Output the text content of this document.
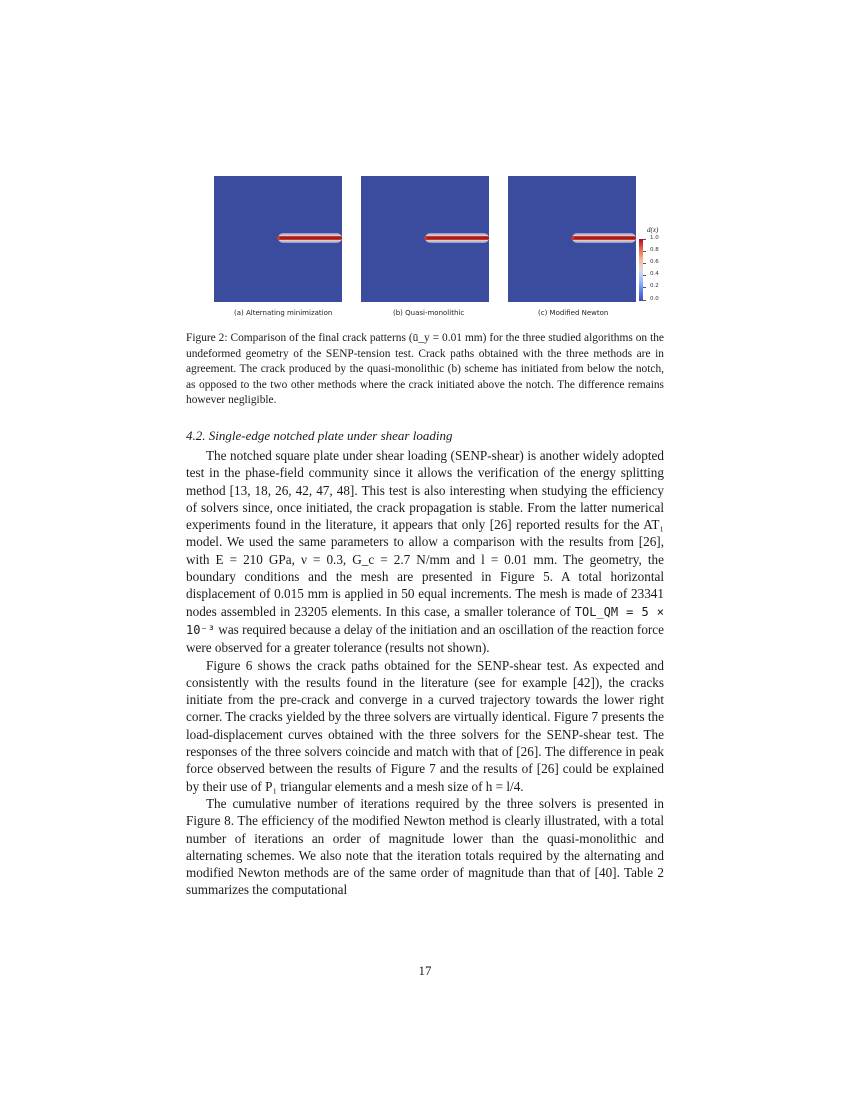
(a) Alternating minimization	(b) Quasi-monolithic	(c) Modified Newton
d(x)
1.0
0.8
0.6
0.4
0.2
0.0
Figure 2: Comparison of the final crack patterns (ū_y = 0.01 mm) for the three studied algorithms on the undeformed geometry of the SENP-tension test. Crack paths obtained with the three methods are in agreement. The crack produced by the quasi-monolithic (b) scheme has initiated from below the notch, as opposed to the two other methods where the crack initiated above the notch. The difference remains however negligible.
4.2. Single-edge notched plate under shear loading

The notched square plate under shear loading (SENP-shear) is another widely adopted test in the phase-field community since it allows the verification of the energy splitting method [13, 18, 26, 42, 47, 48]. This test is also interesting when studying the efficiency of solvers since, once initiated, the crack propagation is stable. From the latter numerical experiments found in the literature, it appears that only [26] reported results for the AT₁ model. We used the same parameters to allow a comparison with the results from [26], with E = 210 GPa, ν = 0.3, G_c = 2.7 N/mm and l = 0.01 mm. The geometry, the boundary conditions and the mesh are presented in Figure 5. A total horizontal displacement of 0.015 mm is applied in 50 equal increments. The mesh is made of 23341 nodes assembled in 23205 elements. In this case, a smaller tolerance of TOL_QM = 5 × 10⁻³ was required because a delay of the initiation and an oscillation of the reaction force were observed for a greater tolerance (results not shown).

Figure 6 shows the crack paths obtained for the SENP-shear test. As expected and consistently with the results found in the literature (see for example [42]), the cracks initiate from the pre-crack and converge in a curved trajectory towards the lower right corner. The cracks yielded by the three solvers are virtually identical. Figure 7 presents the load-displacement curves obtained with the three solvers for the SENP-shear test. The responses of the three solvers coincide and match with that of [26]. The difference in peak force observed between the results of Figure 7 and the results of [26] could be explained by their use of P₁ triangular elements and a mesh size of h = l/4.

The cumulative number of iterations required by the three solvers is presented in Figure 8. The efficiency of the modified Newton method is clearly illustrated, with a total number of iterations an order of magnitude lower than the quasi-monolithic and alternating schemes. We also note that the iteration totals required by the alternating and modified Newton methods are of the same order of magnitude than that of [40]. Table 2 summarizes the computational

17
